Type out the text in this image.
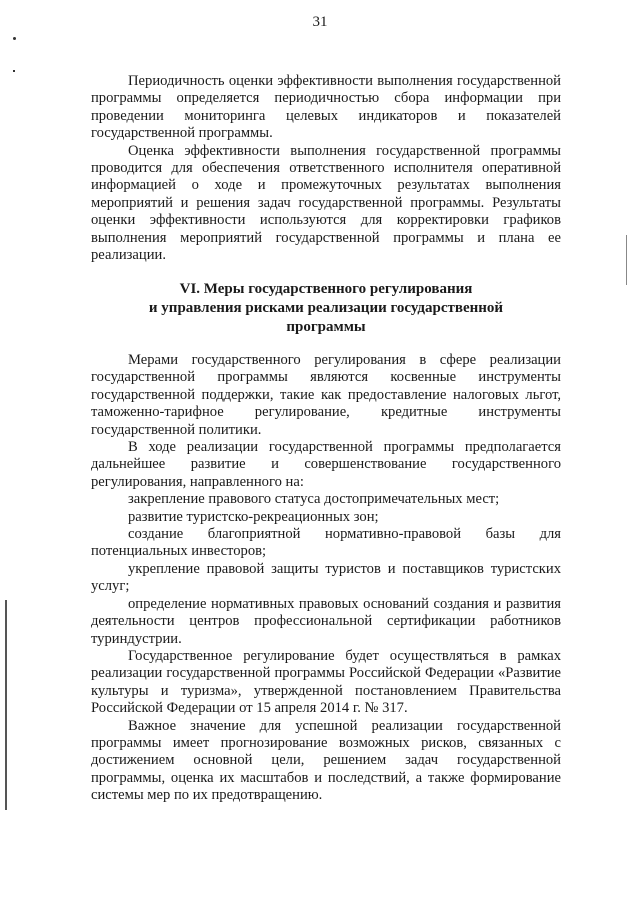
31

Периодичность оценки эффективности выполнения государственной программы определяется периодичностью сбора информации при проведении мониторинга целевых индикаторов и показателей государственной программы.

Оценка эффективности выполнения государственной программы проводится для обеспечения ответственного исполнителя оперативной информацией о ходе и промежуточных результатах выполнения мероприятий и решения задач государственной программы. Результаты оценки эффективности используются для корректировки графиков выполнения мероприятий государственной программы и плана ее реализации.

VI. Меры государственного регулирования
и управления рисками реализации государственной
программы

Мерами государственного регулирования в сфере реализации государственной программы являются косвенные инструменты государственной поддержки, такие как предоставление налоговых льгот, таможенно-тарифное регулирование, кредитные инструменты государственной политики.

В ходе реализации государственной программы предполагается дальнейшее развитие и совершенствование государственного регулирования, направленного на:

закрепление правового статуса достопримечательных мест;

развитие туристско-рекреационных зон;

создание благоприятной нормативно-правовой базы для потенциальных инвесторов;

укрепление правовой защиты туристов и поставщиков туристских услуг;

определение нормативных правовых оснований создания и развития деятельности центров профессиональной сертификации работников туриндустрии.

Государственное регулирование будет осуществляться в рамках реализации государственной программы Российской Федерации «Развитие культуры и туризма», утвержденной постановлением Правительства Российской Федерации от 15 апреля 2014 г. № 317.

Важное значение для успешной реализации государственной программы имеет прогнозирование возможных рисков, связанных с достижением основной цели, решением задач государственной программы, оценка их масштабов и последствий, а также формирование системы мер по их предотвращению.
